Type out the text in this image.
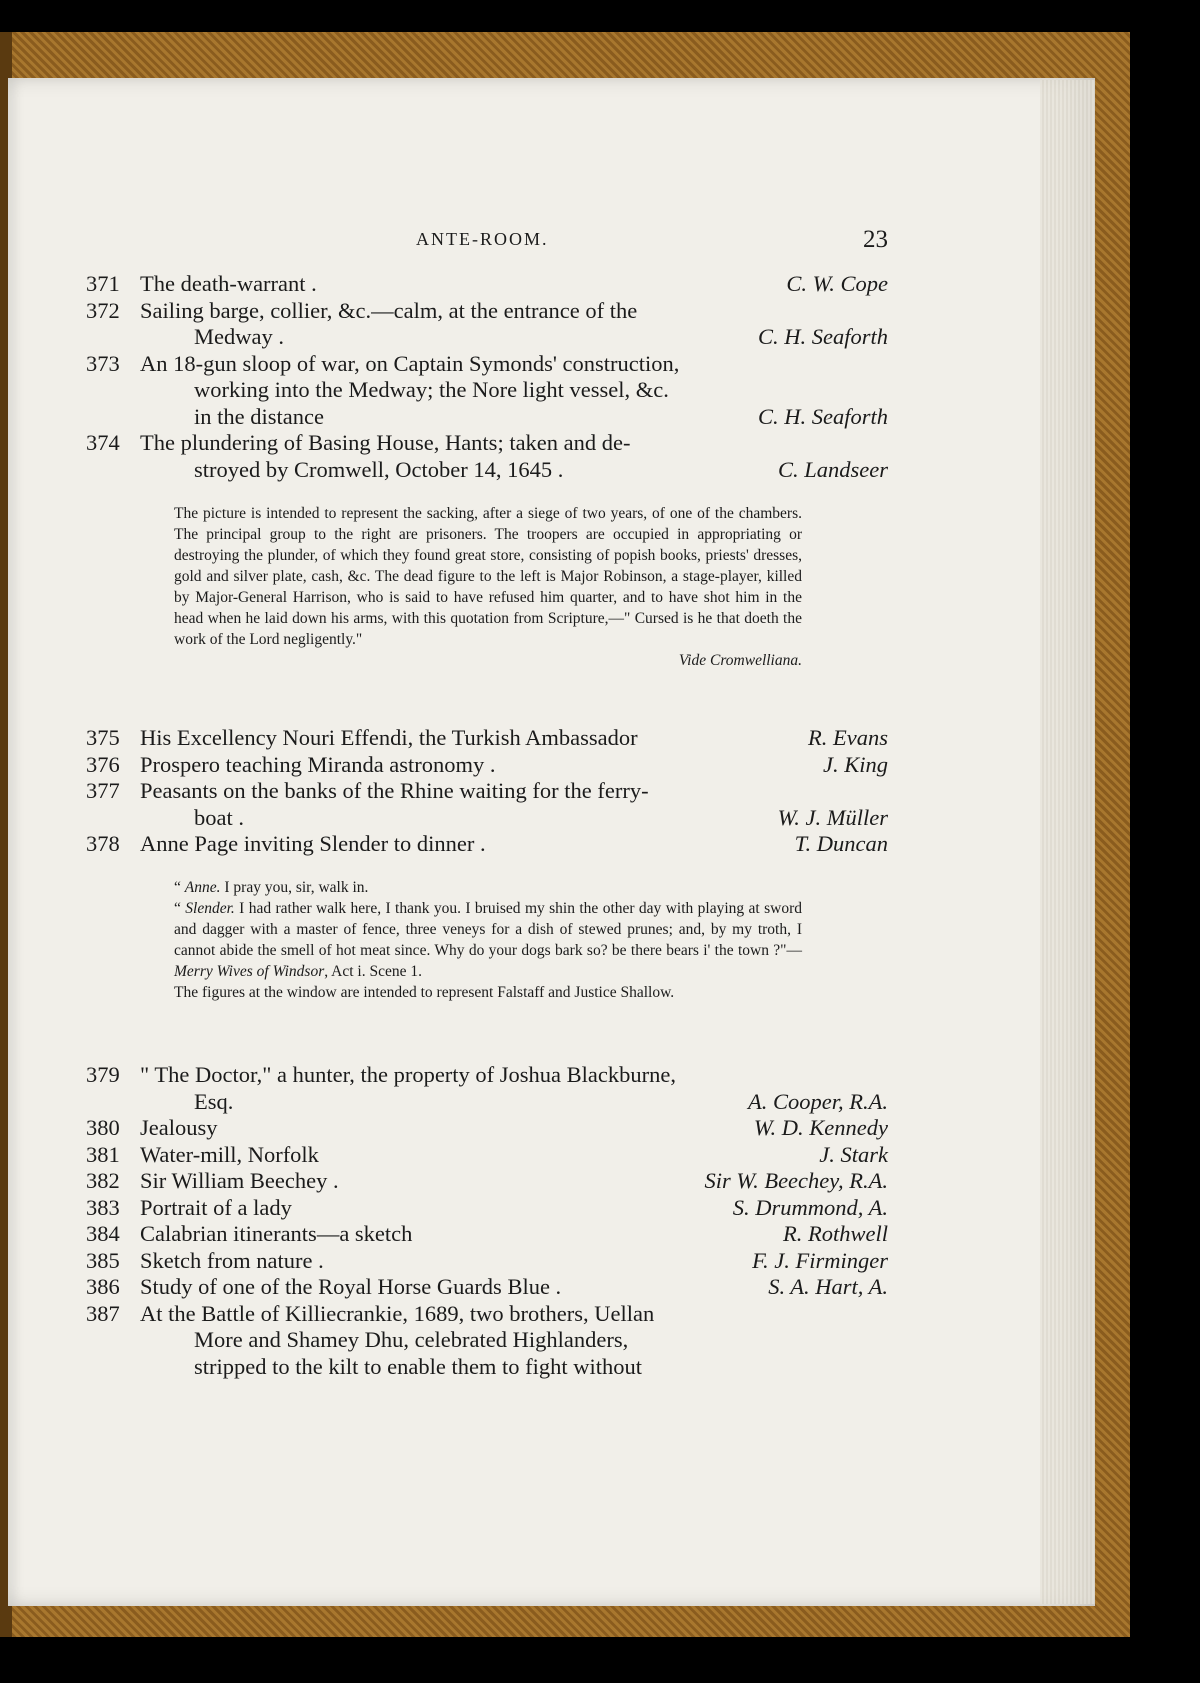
ANTE-ROOM.	23
371 The death-warrant .	C. W. Cope
372 Sailing barge, collier, &c.—calm, at the entrance of the
Medway .	C. H. Seaforth
373 An 18-gun sloop of war, on Captain Symonds' construction,
working into the Medway; the Nore light vessel, &c.
in the distance	C. H. Seaforth
374 The plundering of Basing House, Hants; taken and de-
stroyed by Cromwell, October 14, 1645 .	C. Landseer

The picture is intended to represent the sacking, after a siege of two years, of one of the chambers. The principal group to the right are prisoners. The troopers are occupied in appropriating or destroying the plunder, of which they found great store, consisting of popish books, priests' dresses, gold and silver plate, cash, &c. The dead figure to the left is Major Robinson, a stage-player, killed by Major-General Harrison, who is said to have refused him quarter, and to have shot him in the head when he laid down his arms, with this quotation from Scripture,—" Cursed is he that doeth the work of the Lord negligently."

Vide Cromwelliana.

375 His Excellency Nouri Effendi, the Turkish Ambassador	R. Evans
376 Prospero teaching Miranda astronomy .	J. King
377 Peasants on the banks of the Rhine waiting for the ferry-
boat .	W. J. Müller
378 Anne Page inviting Slender to dinner .	T. Duncan

“ Anne. I pray you, sir, walk in.

“ Slender. I had rather walk here, I thank you. I bruised my shin the other day with playing at sword and dagger with a master of fence, three veneys for a dish of stewed prunes; and, by my troth, I cannot abide the smell of hot meat since. Why do your dogs bark so? be there bears i' the town ?"—Merry Wives of Windsor, Act i. Scene 1.

The figures at the window are intended to represent Falstaff and Justice Shallow.

379 " The Doctor," a hunter, the property of Joshua Blackburne,
Esq.	A. Cooper, R.A.
380 Jealousy	W. D. Kennedy
381 Water-mill, Norfolk	J. Stark
382 Sir William Beechey .	Sir W. Beechey, R.A.
383 Portrait of a lady	S. Drummond, A.
384 Calabrian itinerants—a sketch	R. Rothwell
385 Sketch from nature .	F. J. Firminger
386 Study of one of the Royal Horse Guards Blue .	S. A. Hart, A.
387 At the Battle of Killiecrankie, 1689, two brothers, Uellan
More and Shamey Dhu, celebrated Highlanders,
stripped to the kilt to enable them to fight without
